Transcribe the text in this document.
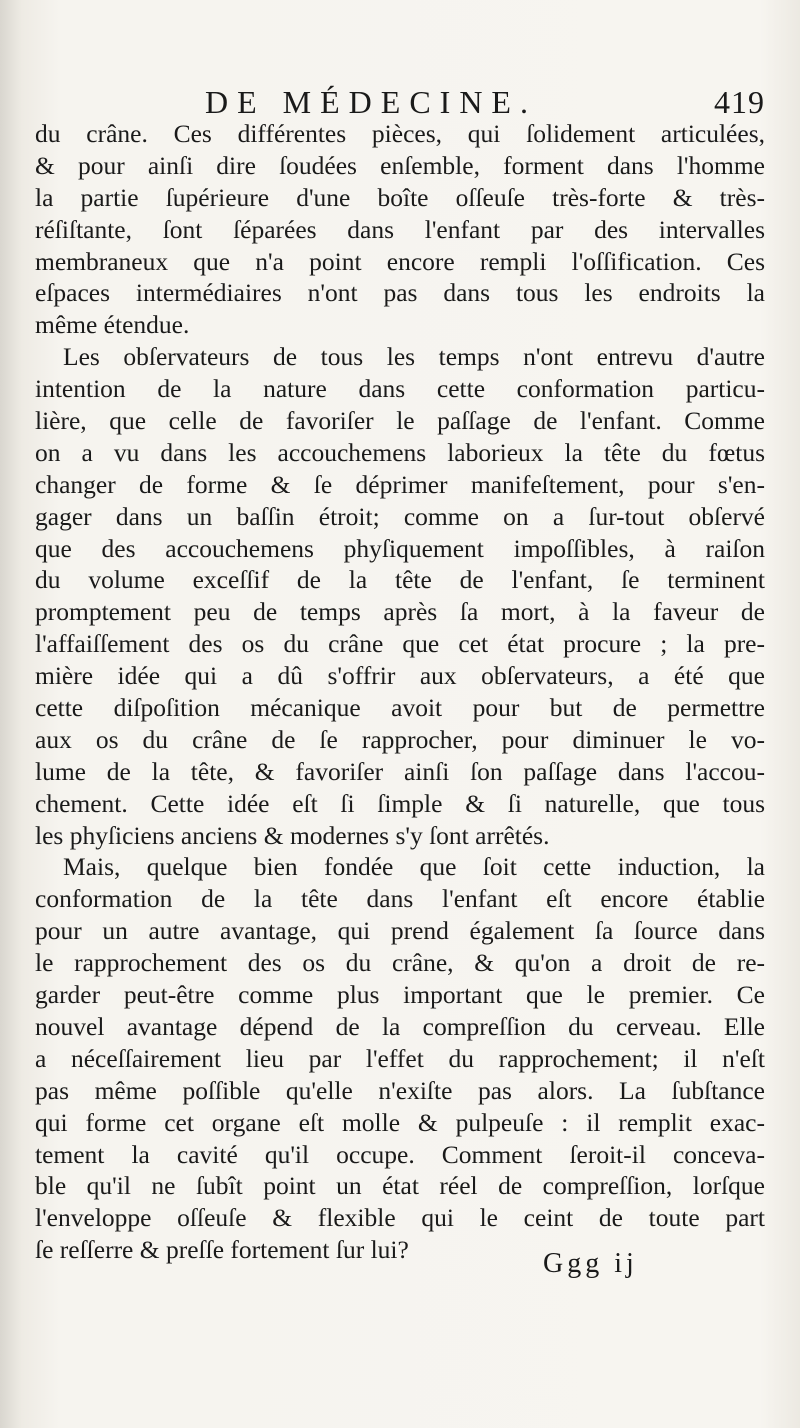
DE MÉDECINE.	419
du crâne. Ces différentes pièces, qui ſolidement articulées,
& pour ainſi dire ſoudées enſemble, forment dans l'homme
la partie ſupérieure d'une boîte oſſeuſe très-forte & très-
réſiſtante, ſont ſéparées dans l'enfant par des intervalles
membraneux que n'a point encore rempli l'oſſification. Ces
eſpaces intermédiaires n'ont pas dans tous les endroits la
même étendue.
Les obſervateurs de tous les temps n'ont entrevu d'autre
intention de la nature dans cette conformation particu-
lière, que celle de favoriſer le paſſage de l'enfant. Comme
on a vu dans les accouchemens laborieux la tête du fœtus
changer de forme & ſe déprimer manifeſtement, pour s'en-
gager dans un baſſin étroit; comme on a ſur-tout obſervé
que des accouchemens phyſiquement impoſſibles, à raiſon
du volume exceſſif de la tête de l'enfant, ſe terminent
promptement peu de temps après ſa mort, à la faveur de
l'affaiſſement des os du crâne que cet état procure ; la pre-
mière idée qui a dû s'offrir aux obſervateurs, a été que
cette diſpoſition mécanique avoit pour but de permettre
aux os du crâne de ſe rapprocher, pour diminuer le vo-
lume de la tête, & favoriſer ainſi ſon paſſage dans l'accou-
chement. Cette idée eſt ſi ſimple & ſi naturelle, que tous
les phyſiciens anciens & modernes s'y ſont arrêtés.
Mais, quelque bien fondée que ſoit cette induction, la
conformation de la tête dans l'enfant eſt encore établie
pour un autre avantage, qui prend également ſa ſource dans
le rapprochement des os du crâne, & qu'on a droit de re-
garder peut-être comme plus important que le premier. Ce
nouvel avantage dépend de la compreſſion du cerveau. Elle
a néceſſairement lieu par l'effet du rapprochement; il n'eſt
pas même poſſible qu'elle n'exiſte pas alors. La ſubſtance
qui forme cet organe eſt molle & pulpeuſe : il remplit exac-
tement la cavité qu'il occupe. Comment ſeroit-il conceva-
ble qu'il ne ſubît point un état réel de compreſſion, lorſque
l'enveloppe oſſeuſe & flexible qui le ceint de toute part
ſe reſſerre & preſſe fortement ſur lui?	Ggg ij
